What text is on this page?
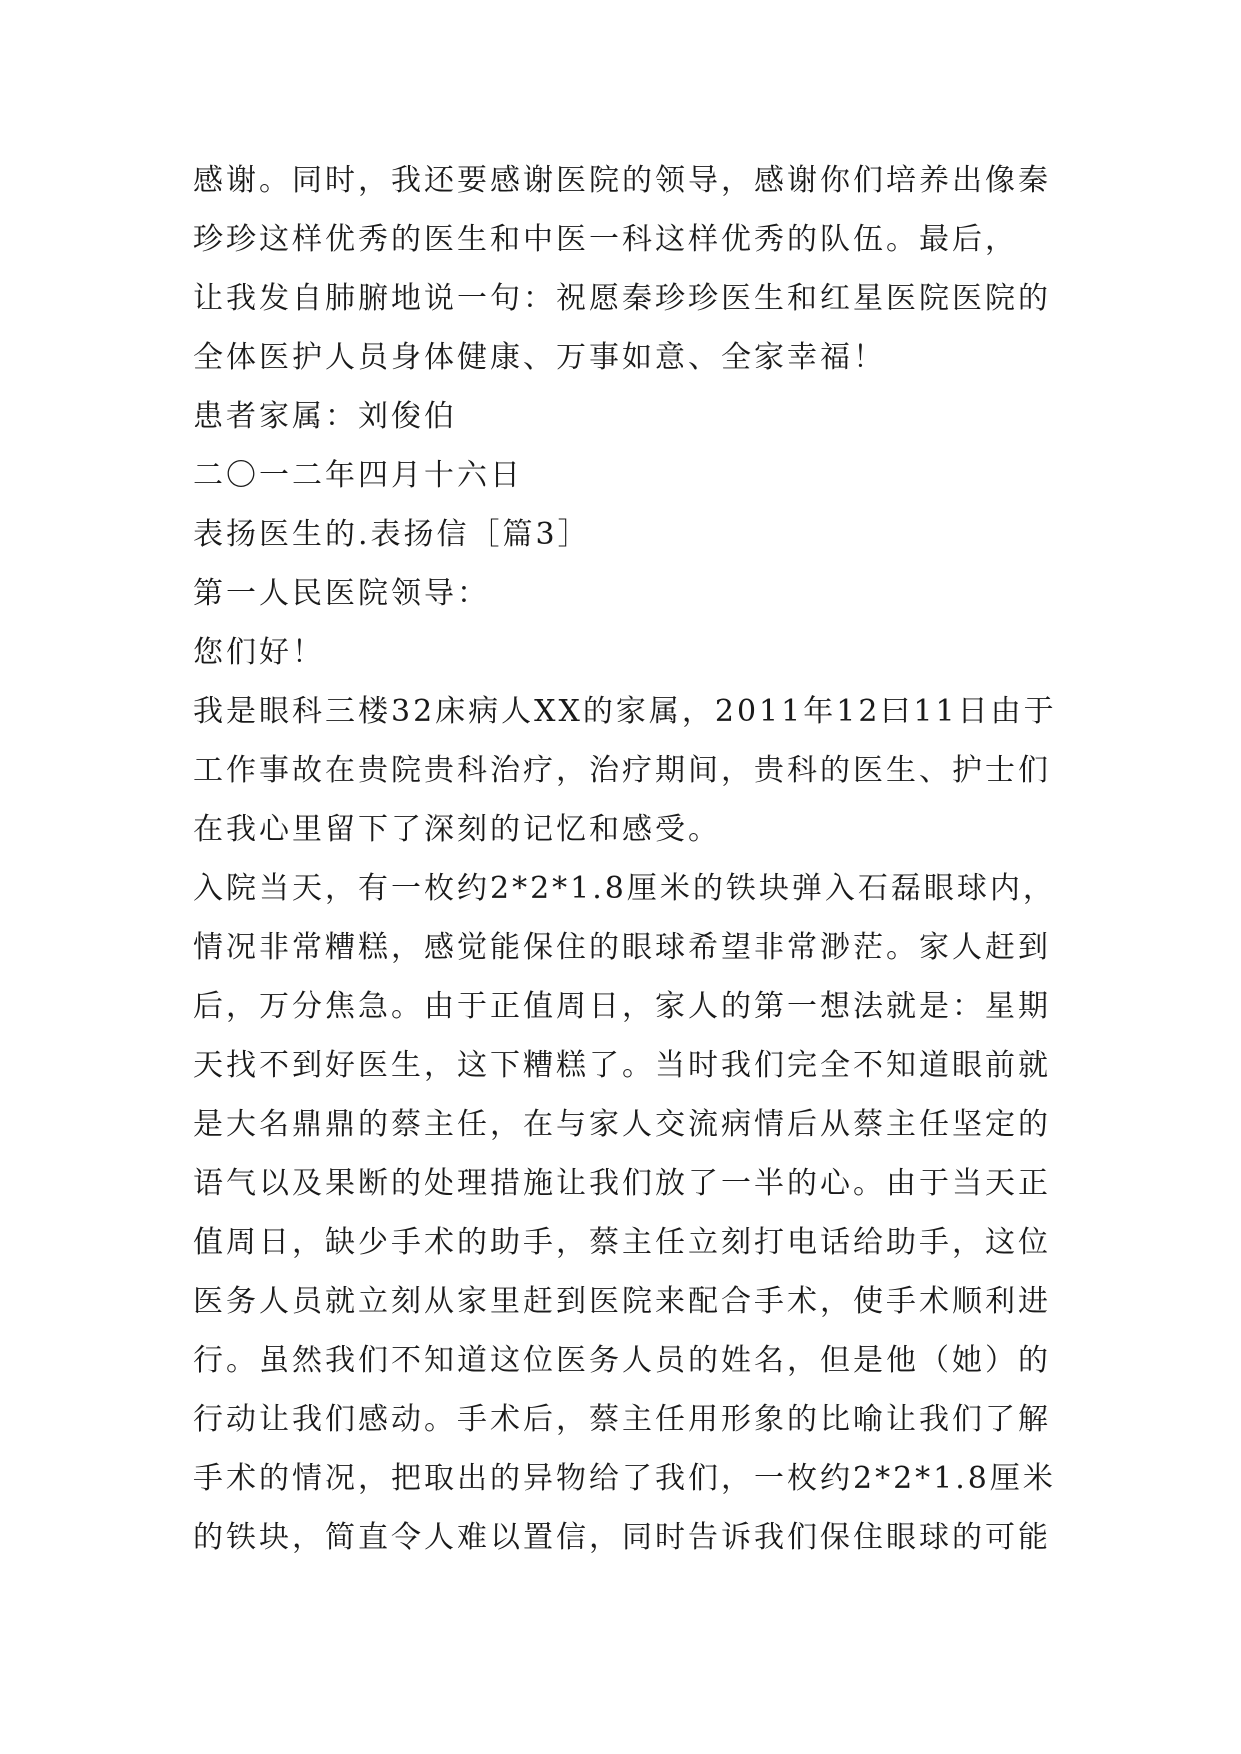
感谢。同时，我还要感谢医院的领导，感谢你们培养出像秦
珍珍这样优秀的医生和中医一科这样优秀的队伍。最后，
让我发自肺腑地说一句：祝愿秦珍珍医生和红星医院医院的
全体医护人员身体健康、万事如意、全家幸福！
患者家属：刘俊伯
二〇一二年四月十六日
表扬医生的.表扬信［篇3］
第一人民医院领导：
您们好！
我是眼科三楼32床病人XX的家属，2011年12曰11日由于
工作事故在贵院贵科治疗，治疗期间，贵科的医生、护士们
在我心里留下了深刻的记忆和感受。
入院当天，有一枚约2*2*1.8厘米的铁块弹入石磊眼球内，
情况非常糟糕，感觉能保住的眼球希望非常渺茫。家人赶到
后，万分焦急。由于正值周日，家人的第一想法就是：星期
天找不到好医生，这下糟糕了。当时我们完全不知道眼前就
是大名鼎鼎的蔡主任，在与家人交流病情后从蔡主任坚定的
语气以及果断的处理措施让我们放了一半的心。由于当天正
值周日，缺少手术的助手，蔡主任立刻打电话给助手，这位
医务人员就立刻从家里赶到医院来配合手术，使手术顺利进
行。虽然我们不知道这位医务人员的姓名，但是他（她）的
行动让我们感动。手术后，蔡主任用形象的比喻让我们了解
手术的情况，把取出的异物给了我们，一枚约2*2*1.8厘米
的铁块，简直令人难以置信，同时告诉我们保住眼球的可能
